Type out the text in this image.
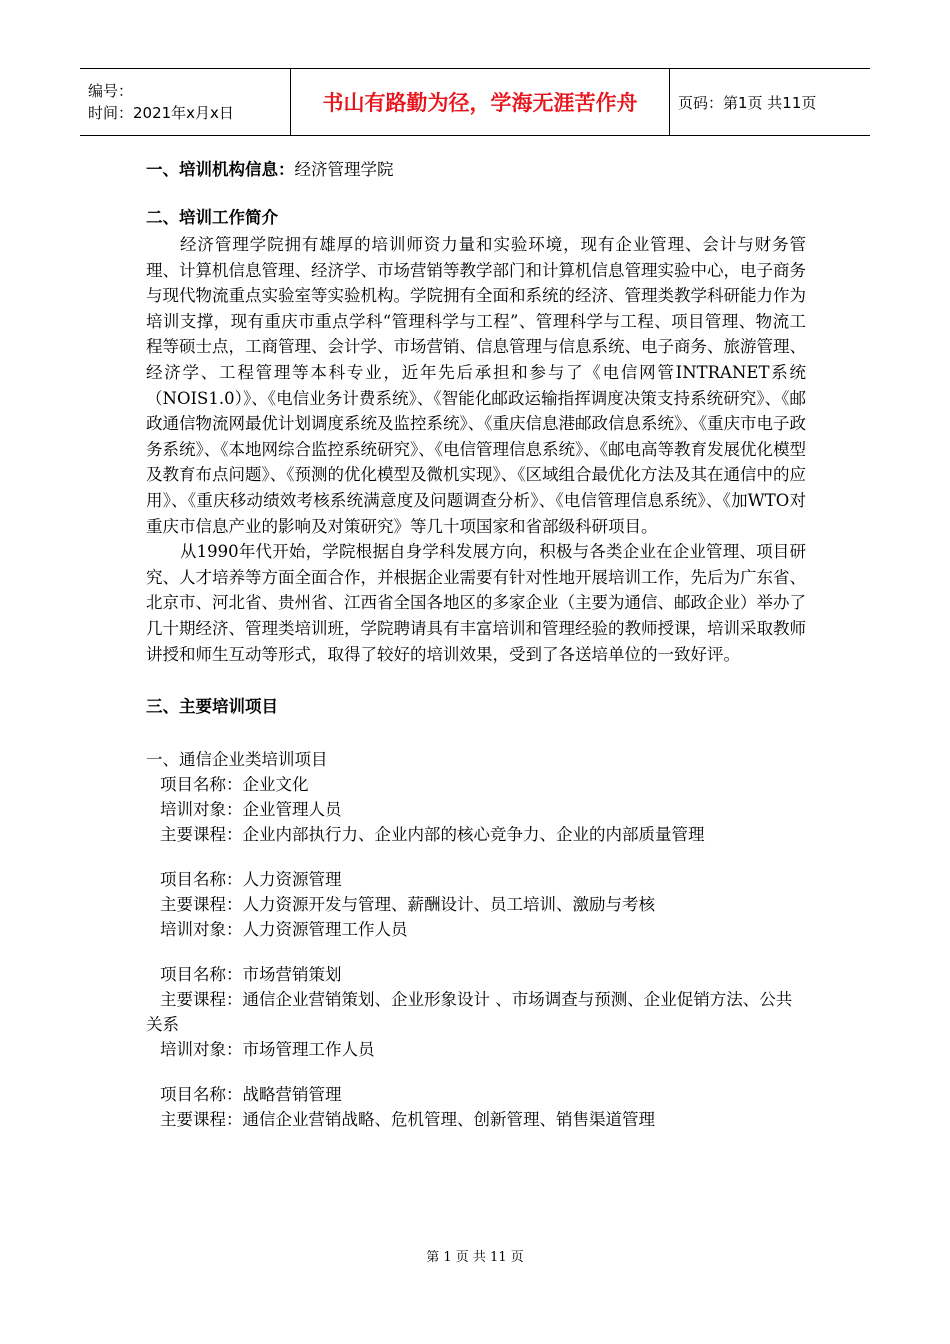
编号：
时间：2021年x月x日	书山有路勤为径，学海无涯苦作舟	页码：第1页 共11页

一、培训机构信息：经济管理学院

二、培训工作简介

经济管理学院拥有雄厚的培训师资力量和实验环境，现有企业管理、会计与财务管理、计算机信息管理、经济学、市场营销等教学部门和计算机信息管理实验中心，电子商务与现代物流重点实验室等实验机构。学院拥有全面和系统的经济、管理类教学科研能力作为培训支撑，现有重庆市重点学科“管理科学与工程”、管理科学与工程、项目管理、物流工程等硕士点，工商管理、会计学、市场营销、信息管理与信息系统、电子商务、旅游管理、经济学、工程管理等本科专业，近年先后承担和参与了《电信网管INTRANET系统（NOIS1.0）》、《电信业务计费系统》、《智能化邮政运输指挥调度决策支持系统研究》、《邮政通信物流网最优计划调度系统及监控系统》、《重庆信息港邮政信息系统》、《重庆市电子政务系统》、《本地网综合监控系统研究》、《电信管理信息系统》、《邮电高等教育发展优化模型及教育布点问题》、《预测的优化模型及微机实现》、《区域组合最优化方法及其在通信中的应用》、《重庆移动绩效考核系统满意度及问题调查分析》、《电信管理信息系统》、《加WTO对重庆市信息产业的影响及对策研究》等几十项国家和省部级科研项目。

从1990年代开始，学院根据自身学科发展方向，积极与各类企业在企业管理、项目研究、人才培养等方面全面合作，并根据企业需要有针对性地开展培训工作，先后为广东省、北京市、河北省、贵州省、江西省全国各地区的多家企业（主要为通信、邮政企业）举办了几十期经济、管理类培训班，学院聘请具有丰富培训和管理经验的教师授课，培训采取教师讲授和师生互动等形式，取得了较好的培训效果，受到了各送培单位的一致好评。

三、主要培训项目

一、通信企业类培训项目

项目名称：企业文化

培训对象：企业管理人员

主要课程：企业内部执行力、企业内部的核心竞争力、企业的内部质量管理

项目名称：人力资源管理

主要课程：人力资源开发与管理、薪酬设计、员工培训、激励与考核

培训对象：人力资源管理工作人员

项目名称：市场营销策划

主要课程：通信企业营销策划、企业形象设计 、市场调查与预测、企业促销方法、公共关系

培训对象：市场管理工作人员

项目名称：战略营销管理

主要课程：通信企业营销战略、危机管理、创新管理、销售渠道管理

第 1 页 共 11 页
